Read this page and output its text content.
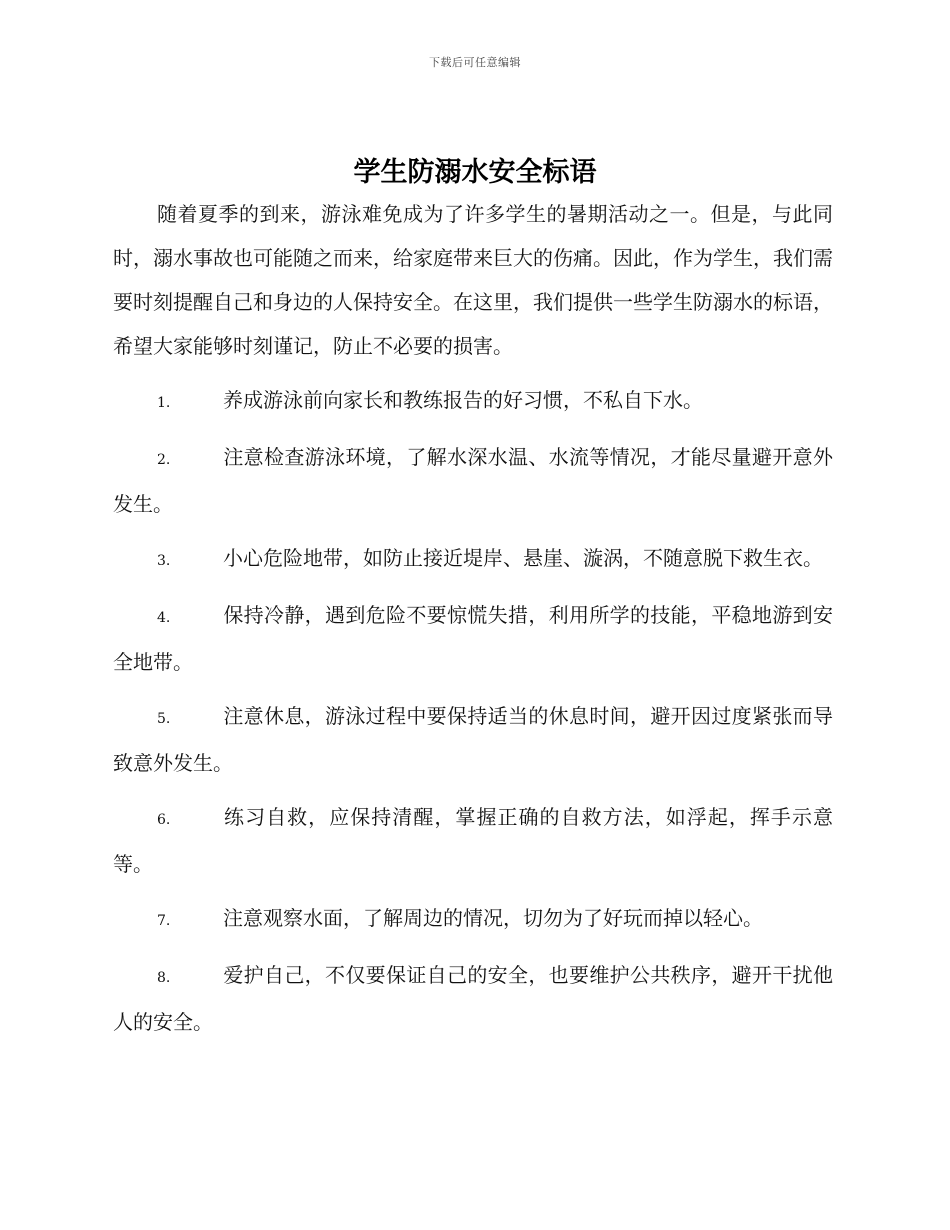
下载后可任意编辑
学生防溺水安全标语

随着夏季的到来，游泳难免成为了许多学生的暑期活动之一。但是，与此同时，溺水事故也可能随之而来，给家庭带来巨大的伤痛。因此，作为学生，我们需要时刻提醒自己和身边的人保持安全。在这里，我们提供一些学生防溺水的标语，希望大家能够时刻谨记，防止不必要的损害。

1.	养成游泳前向家长和教练报告的好习惯，不私自下水。

2.	注意检查游泳环境，了解水深水温、水流等情况，才能尽量避开意外发生。

3.	小心危险地带，如防止接近堤岸、悬崖、漩涡，不随意脱下救生衣。

4.	保持冷静，遇到危险不要惊慌失措，利用所学的技能，平稳地游到安全地带。

5.	注意休息，游泳过程中要保持适当的休息时间，避开因过度紧张而导致意外发生。

6.	练习自救，应保持清醒，掌握正确的自救方法，如浮起，挥手示意等。

7.	注意观察水面，了解周边的情况，切勿为了好玩而掉以轻心。

8.	爱护自己，不仅要保证自己的安全，也要维护公共秩序，避开干扰他人的安全。
